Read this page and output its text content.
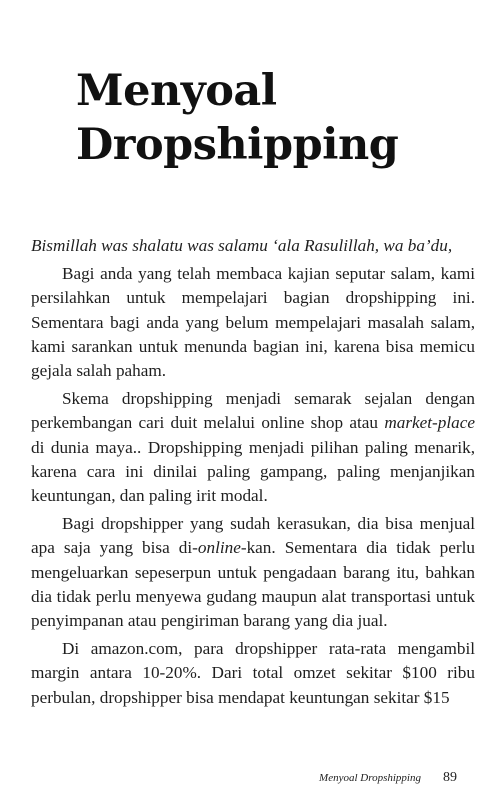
Menyoal
Dropshipping

Bismillah was shalatu was salamu ‘ala Rasulillah, wa ba’du,

Bagi anda yang telah membaca kajian seputar salam, kami persilahkan untuk mempelajari bagian dropshipping ini. Sementara bagi anda yang belum mempelajari masalah salam, kami sarankan untuk menunda bagian ini, karena bisa memicu gejala salah paham.

Skema dropshipping menjadi semarak sejalan dengan perkembangan cari duit melalui online shop atau market-place di dunia maya.. Dropshipping menjadi pilihan paling menarik, karena cara ini dinilai paling gampang, paling menjanjikan keuntungan, dan paling irit modal.

Bagi dropshipper yang sudah kerasukan, dia bisa menjual apa saja yang bisa di-online-kan. Sementara dia tidak perlu mengeluarkan sepeserpun untuk pengadaan barang itu, bahkan dia tidak perlu menyewa gudang maupun alat transportasi untuk penyimpanan atau pengiriman barang yang dia jual.

Di amazon.com, para dropshipper rata-rata mengambil margin antara 10-20%. Dari total omzet sekitar $100 ribu perbulan, dropshipper bisa mendapat keuntungan sekitar $15

Menyoal Dropshipping 89
